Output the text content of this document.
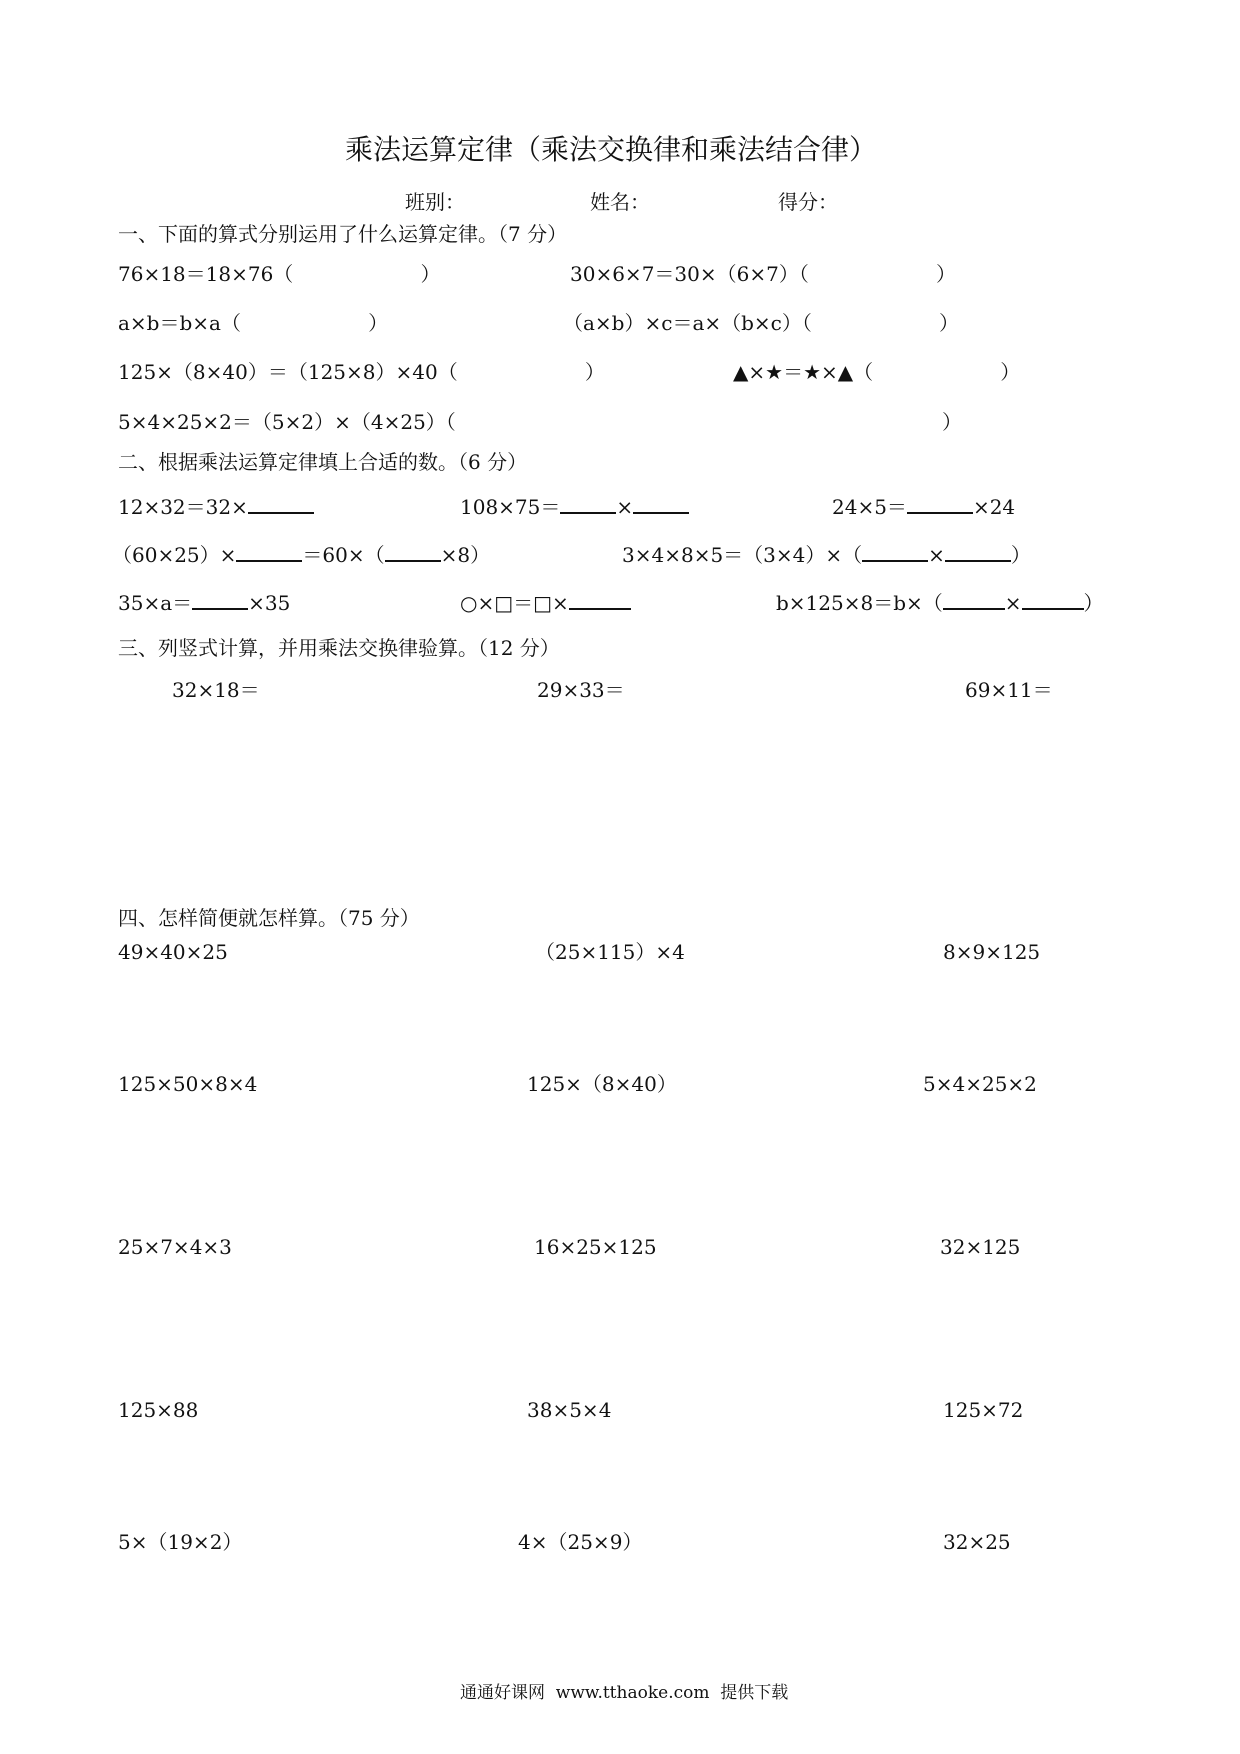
乘法运算定律（乘法交换律和乘法结合律）
班别：	姓名：	得分：
一、下面的算式分别运用了什么运算定律。（7 分）
76×18＝18×76（                    ）	30×6×7＝30×（6×7）（                    ）
a×b＝b×a（                    ）	（a×b）×c＝a×（b×c）（                    ）
125×（8×40）＝（125×8）×40（                    ）	▲×★＝★×▲（                    ）
5×4×25×2＝（5×2）×（4×25）（	）
二、根据乘法运算定律填上合适的数。（6 分）
12×32＝32×	108×75＝	×	24×5＝	×24
（60×25）×	＝60×（	×8）	3×4×8×5＝（3×4）×（	×	）
35×a＝	×35	○×□＝□×	b×125×8＝b×（	×	）
三、列竖式计算，并用乘法交换律验算。（12 分）
32×18＝	29×33＝	69×11＝
四、怎样简便就怎样算。（75 分）
49×40×25	（25×115）×4	8×9×125
125×50×8×4	125×（8×40）	5×4×25×2
25×7×4×3	16×25×125	32×125
125×88	38×5×4	125×72
5×（19×2）	4×（25×9）	32×25
通通好课网  www.tthaoke.com  提供下载
